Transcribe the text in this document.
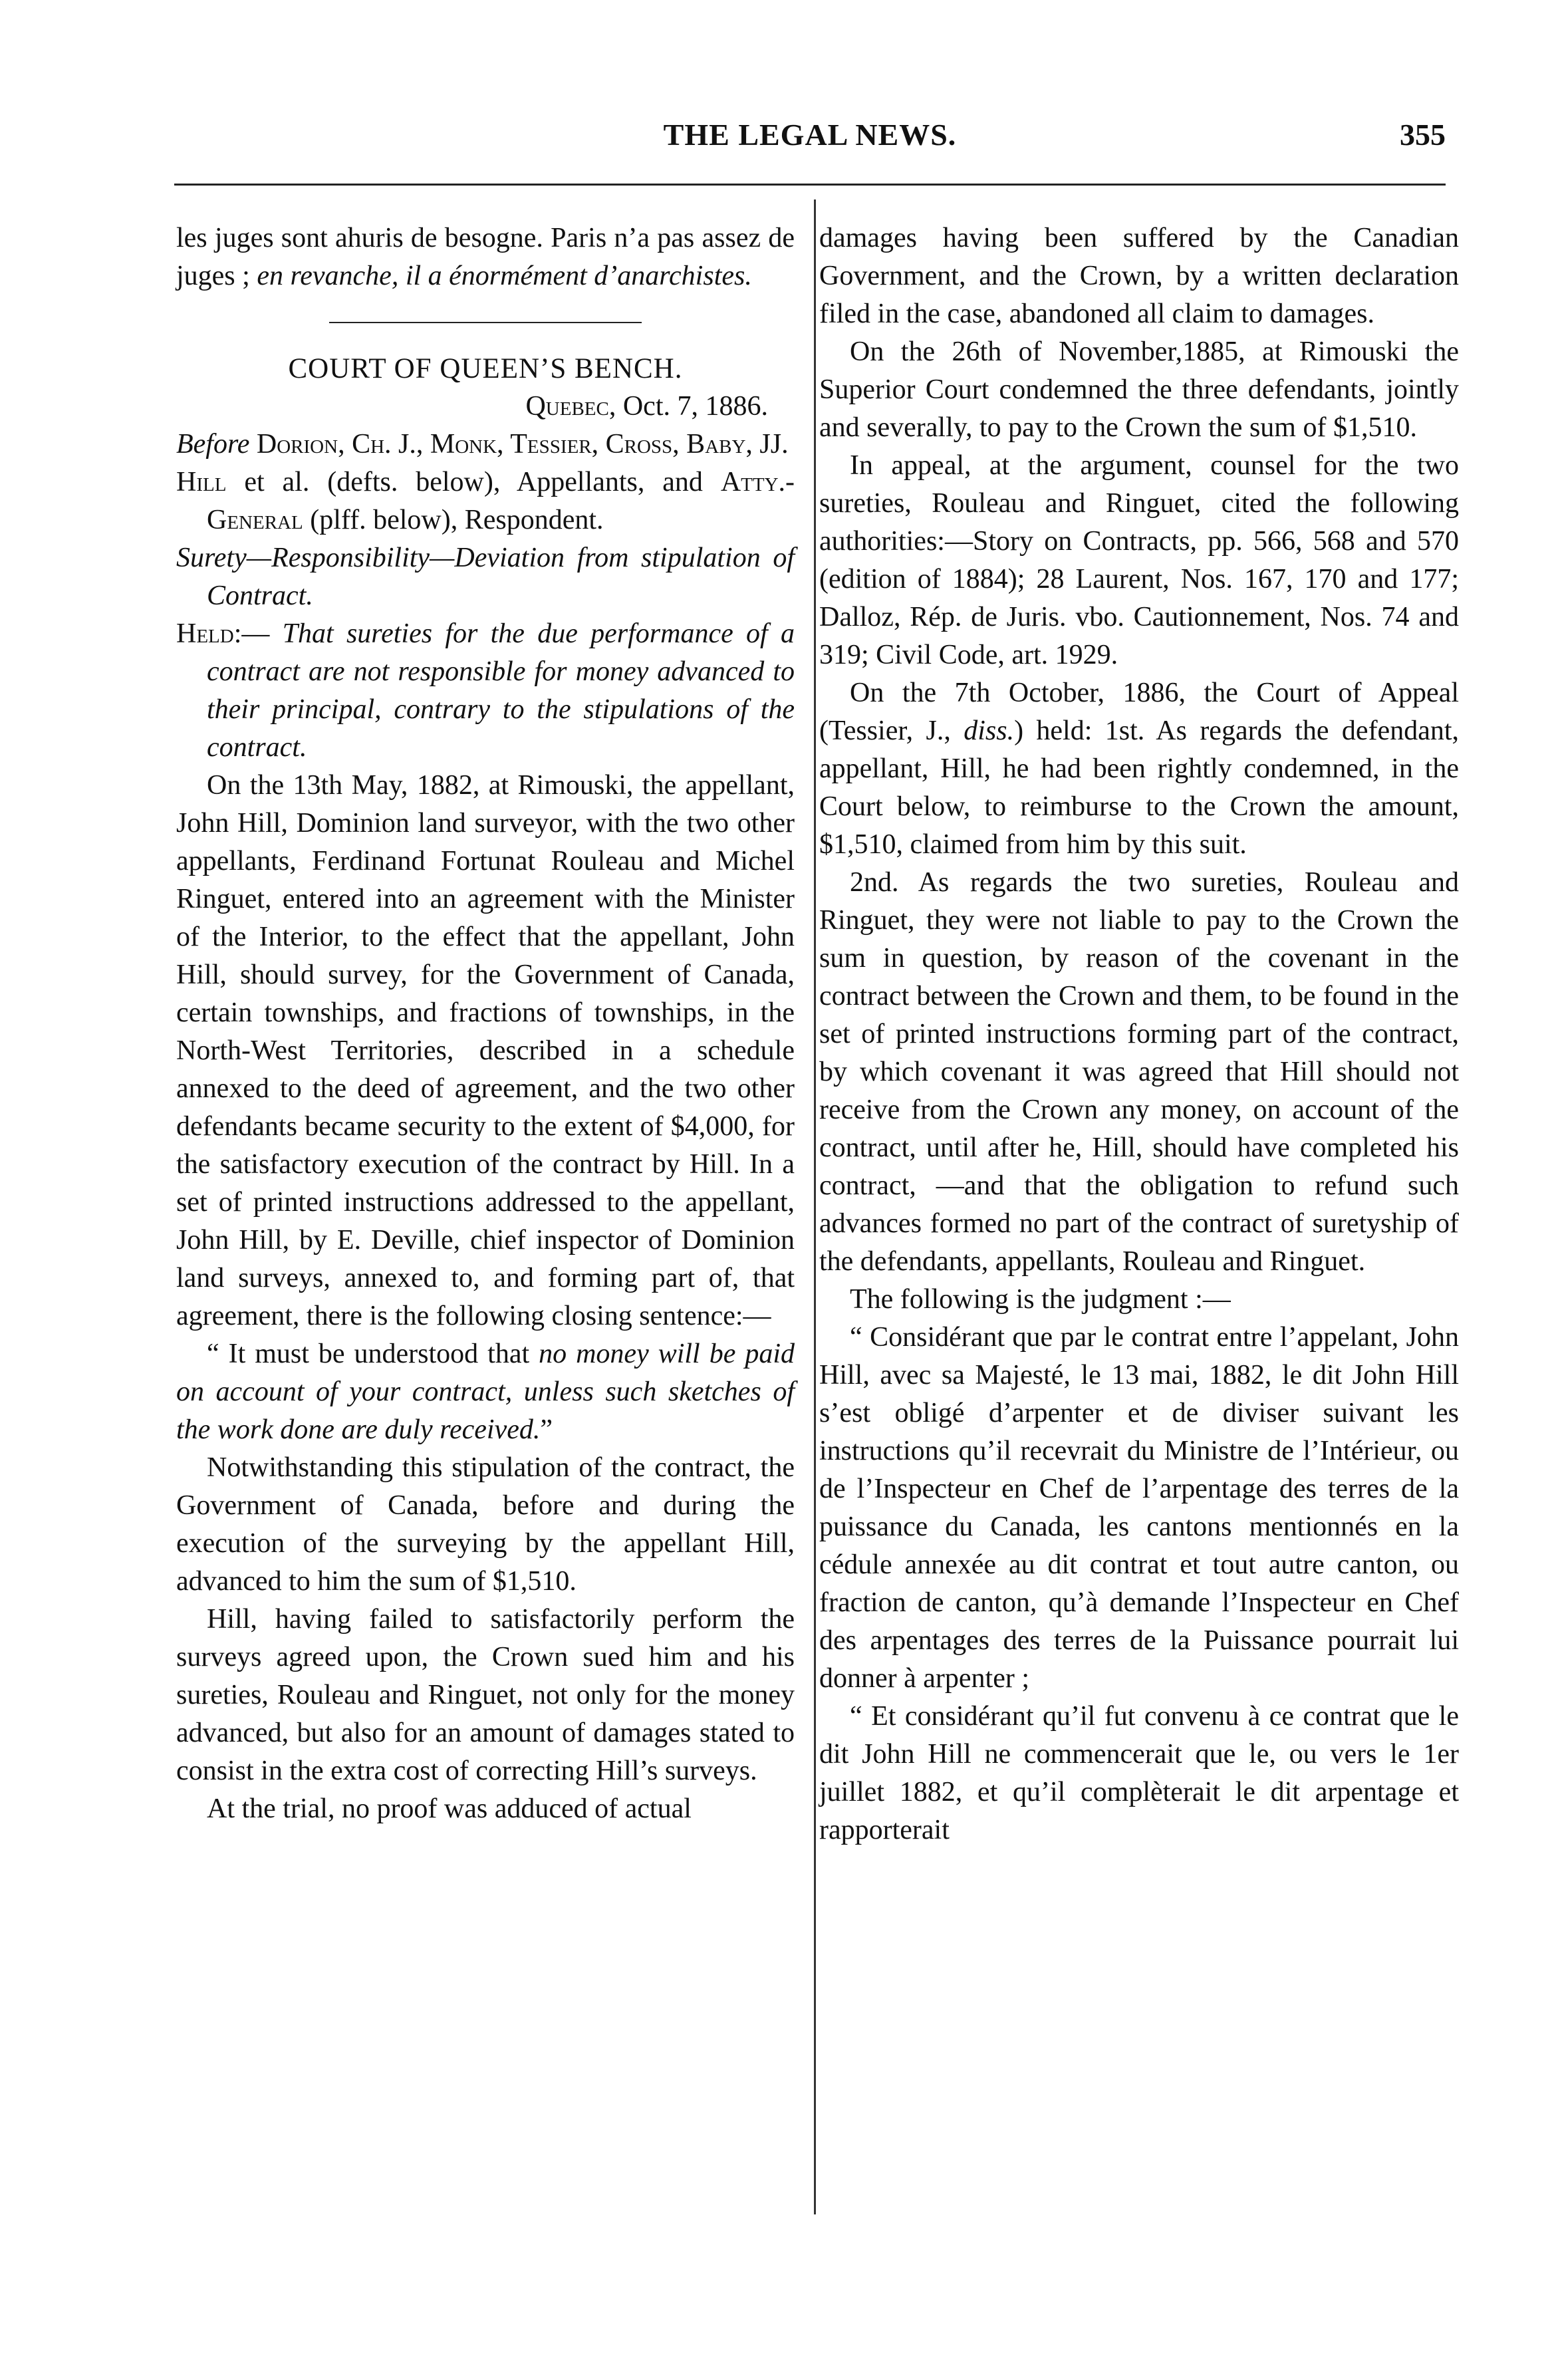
THE LEGAL NEWS.	355

les juges sont ahuris de besogne. Paris n’a pas assez de juges ; en revanche, il a énormément d’anarchistes.

COURT OF QUEEN’S BENCH.

Quebec, Oct. 7, 1886.

Before Dorion, Ch. J., Monk, Tessier, Cross, Baby, JJ.

Hill et al. (defts. below), Appellants, and Atty.-General (plff. below), Respondent.

Surety—Responsibility—Deviation from stipulation of Contract.

Held:— That sureties for the due performance of a contract are not responsible for money advanced to their principal, contrary to the stipulations of the contract.

On the 13th May, 1882, at Rimouski, the appellant, John Hill, Dominion land surveyor, with the two other appellants, Ferdinand Fortunat Rouleau and Michel Ringuet, entered into an agreement with the Minister of the Interior, to the effect that the appellant, John Hill, should survey, for the Government of Canada, certain townships, and fractions of townships, in the North-West Territories, described in a schedule annexed to the deed of agreement, and the two other defendants became security to the extent of $4,000, for the satisfactory execution of the contract by Hill. In a set of printed instructions addressed to the appellant, John Hill, by E. Deville, chief inspector of Dominion land surveys, annexed to, and forming part of, that agreement, there is the following closing sentence:—

“ It must be understood that no money will be paid on account of your contract, unless such sketches of the work done are duly received.”

Notwithstanding this stipulation of the contract, the Government of Canada, before and during the execution of the surveying by the appellant Hill, advanced to him the sum of $1,510.

Hill, having failed to satisfactorily perform the surveys agreed upon, the Crown sued him and his sureties, Rouleau and Ringuet, not only for the money advanced, but also for an amount of damages stated to consist in the extra cost of correcting Hill’s surveys.

At the trial, no proof was adduced of actual

damages having been suffered by the Canadian Government, and the Crown, by a written declaration filed in the case, abandoned all claim to damages.

On the 26th of November,1885, at Rimouski the Superior Court condemned the three defendants, jointly and severally, to pay to the Crown the sum of $1,510.

In appeal, at the argument, counsel for the two sureties, Rouleau and Ringuet, cited the following authorities:—Story on Contracts, pp. 566, 568 and 570 (edition of 1884); 28 Laurent, Nos. 167, 170 and 177; Dalloz, Rép. de Juris. vbo. Cautionnement, Nos. 74 and 319; Civil Code, art. 1929.

On the 7th October, 1886, the Court of Appeal (Tessier, J., diss.) held: 1st. As regards the defendant, appellant, Hill, he had been rightly condemned, in the Court below, to reimburse to the Crown the amount, $1,510, claimed from him by this suit.

2nd. As regards the two sureties, Rouleau and Ringuet, they were not liable to pay to the Crown the sum in question, by reason of the covenant in the contract between the Crown and them, to be found in the set of printed instructions forming part of the contract, by which covenant it was agreed that Hill should not receive from the Crown any money, on account of the contract, until after he, Hill, should have completed his contract, —and that the obligation to refund such advances formed no part of the contract of suretyship of the defendants, appellants, Rouleau and Ringuet.

The following is the judgment :—

“ Considérant que par le contrat entre l’appelant, John Hill, avec sa Majesté, le 13 mai, 1882, le dit John Hill s’est obligé d’arpenter et de diviser suivant les instructions qu’il recevrait du Ministre de l’Intérieur, ou de l’Inspecteur en Chef de l’arpentage des terres de la puissance du Canada, les cantons mentionnés en la cédule annexée au dit contrat et tout autre canton, ou fraction de canton, qu’à demande l’Inspecteur en Chef des arpentages des terres de la Puissance pourrait lui donner à arpenter ;

“ Et considérant qu’il fut convenu à ce contrat que le dit John Hill ne commencerait que le, ou vers le 1er juillet 1882, et qu’il complèterait le dit arpentage et rapporterait
